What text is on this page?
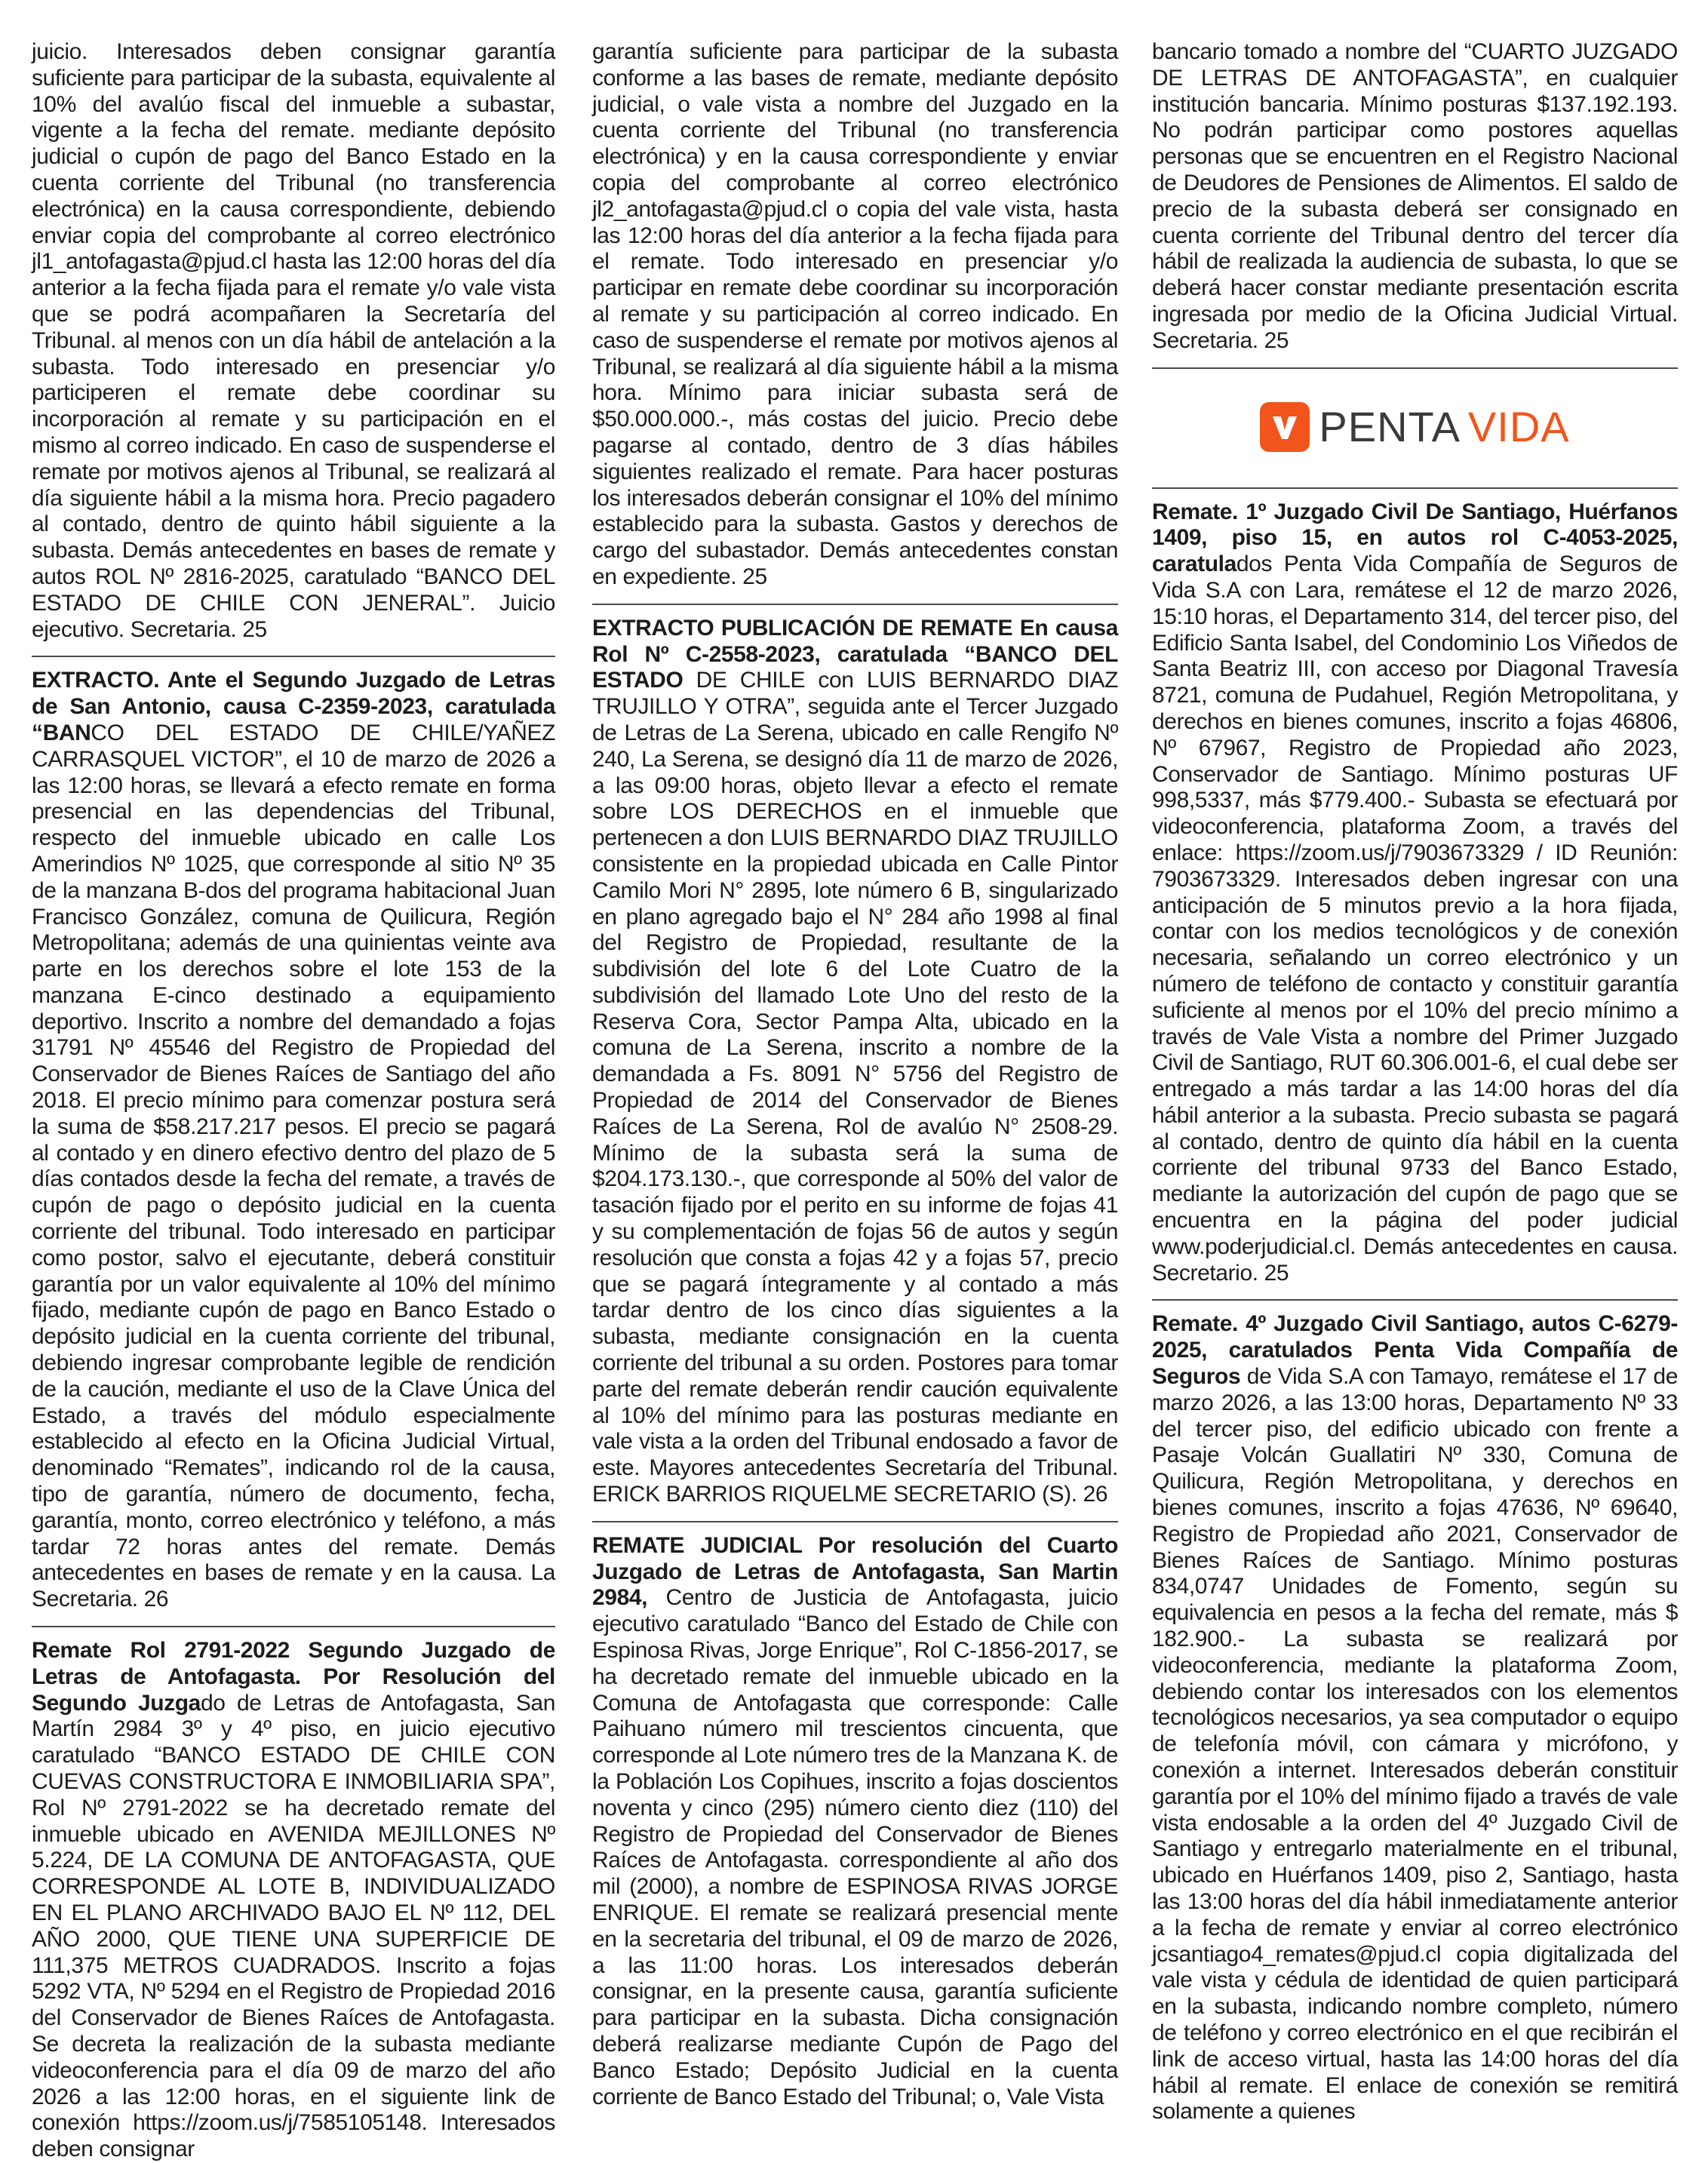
juicio. Interesados deben consignar garantía suficiente para participar de la subasta, equivalente al 10% del avalúo fiscal del inmueble a subastar, vigente a la fecha del remate. mediante depósito judicial o cupón de pago del Banco Estado en la cuenta corriente del Tribunal (no transferencia electrónica) en la causa correspondiente, debiendo enviar copia del comprobante al correo electrónico jl1_antofagasta@pjud.cl hasta las 12:00 horas del día anterior a la fecha fijada para el remate y/o vale vista que se podrá acompañaren la Secretaría del Tribunal. al menos con un día hábil de antelación a la subasta. Todo interesado en presenciar y/o participeren el remate debe coordinar su incorporación al remate y su participación en el mismo al correo indicado. En caso de suspenderse el remate por motivos ajenos al Tribunal, se realizará al día siguiente hábil a la misma hora. Precio pagadero al contado, dentro de quinto hábil siguiente a la subasta. Demás antecedentes en bases de remate y autos ROL Nº 2816-2025, caratulado “BANCO DEL ESTADO DE CHILE CON JENERAL”. Juicio ejecutivo. Secretaria. 25

EXTRACTO. Ante el Segundo Juzgado de Letras de San Antonio, causa C-2359-2023, caratulada “BANCO DEL ESTADO DE CHILE/YAÑEZ CARRASQUEL VICTOR”, el 10 de marzo de 2026 a las 12:00 horas, se llevará a efecto remate en forma presencial en las dependencias del Tribunal, respecto del inmueble ubicado en calle Los Amerindios Nº 1025, que corresponde al sitio Nº 35 de la manzana B-dos del programa habitacional Juan Francisco González, comuna de Quilicura, Región Metropolitana; además de una quinientas veinte ava parte en los derechos sobre el lote 153 de la manzana E-cinco destinado a equipamiento deportivo. Inscrito a nombre del demandado a fojas 31791 Nº 45546 del Registro de Propiedad del Conservador de Bienes Raíces de Santiago del año 2018. El precio mínimo para comenzar postura será la suma de $58.217.217 pesos. El precio se pagará al contado y en dinero efectivo dentro del plazo de 5 días contados desde la fecha del remate, a través de cupón de pago o depósito judicial en la cuenta corriente del tribunal. Todo interesado en participar como postor, salvo el ejecutante, deberá constituir garantía por un valor equivalente al 10% del mínimo fijado, mediante cupón de pago en Banco Estado o depósito judicial en la cuenta corriente del tribunal, debiendo ingresar comprobante legible de rendición de la caución, mediante el uso de la Clave Única del Estado, a través del módulo especialmente establecido al efecto en la Oficina Judicial Virtual, denominado “Remates”, indicando rol de la causa, tipo de garantía, número de documento, fecha, garantía, monto, correo electrónico y teléfono, a más tardar 72 horas antes del remate. Demás antecedentes en bases de remate y en la causa. La Secretaria. 26

Remate Rol 2791-2022 Segundo Juzgado de Letras de Antofagasta. Por Resolución del Segundo Juzgado de Letras de Antofagasta, San Martín 2984 3º y 4º piso, en juicio ejecutivo caratulado “BANCO ESTADO DE CHILE CON CUEVAS CONSTRUCTORA E INMOBILIARIA SPA”, Rol Nº 2791-2022 se ha decretado remate del inmueble ubicado en AVENIDA MEJILLONES Nº 5.224, DE LA COMUNA DE ANTOFAGASTA, QUE CORRESPONDE AL LOTE B, INDIVIDUALIZADO EN EL PLANO ARCHIVADO BAJO EL Nº 112, DEL AÑO 2000, QUE TIENE UNA SUPERFICIE DE 111,375 METROS CUADRADOS. Inscrito a fojas 5292 VTA, Nº 5294 en el Registro de Propiedad 2016 del Conservador de Bienes Raíces de Antofagasta. Se decreta la realización de la subasta mediante videoconferencia para el día 09 de marzo del año 2026 a las 12:00 horas, en el siguiente link de conexión https://zoom.us/j/7585105148. Interesados deben consignar

garantía suficiente para participar de la subasta conforme a las bases de remate, mediante depósito judicial, o vale vista a nombre del Juzgado en la cuenta corriente del Tribunal (no transferencia electrónica) y en la causa correspondiente y enviar copia del comprobante al correo electrónico jl2_antofagasta@pjud.cl o copia del vale vista, hasta las 12:00 horas del día anterior a la fecha fijada para el remate. Todo interesado en presenciar y/o participar en remate debe coordinar su incorporación al remate y su participación al correo indicado. En caso de suspenderse el remate por motivos ajenos al Tribunal, se realizará al día siguiente hábil a la misma hora. Mínimo para iniciar subasta será de $50.000.000.-, más costas del juicio. Precio debe pagarse al contado, dentro de 3 días hábiles siguientes realizado el remate. Para hacer posturas los interesados deberán consignar el 10% del mínimo establecido para la subasta. Gastos y derechos de cargo del subastador. Demás antecedentes constan en expediente. 25

EXTRACTO PUBLICACIÓN DE REMATE En causa Rol Nº C-2558-2023, caratulada “BANCO DEL ESTADO DE CHILE con LUIS BERNARDO DIAZ TRUJILLO Y OTRA”, seguida ante el Tercer Juzgado de Letras de La Serena, ubicado en calle Rengifo Nº 240, La Serena, se designó día 11 de marzo de 2026, a las 09:00 horas, objeto llevar a efecto el remate sobre LOS DERECHOS en el inmueble que pertenecen a don LUIS BERNARDO DIAZ TRUJILLO consistente en la propiedad ubicada en Calle Pintor Camilo Mori N° 2895, lote número 6 B, singularizado en plano agregado bajo el N° 284 año 1998 al final del Registro de Propiedad, resultante de la subdivisión del lote 6 del Lote Cuatro de la subdivisión del llamado Lote Uno del resto de la Reserva Cora, Sector Pampa Alta, ubicado en la comuna de La Serena, inscrito a nombre de la demandada a Fs. 8091 N° 5756 del Registro de Propiedad de 2014 del Conservador de Bienes Raíces de La Serena, Rol de avalúo N° 2508-29. Mínimo de la subasta será la suma de $204.173.130.-, que corresponde al 50% del valor de tasación fijado por el perito en su informe de fojas 41 y su complementación de fojas 56 de autos y según resolución que consta a fojas 42 y a fojas 57, precio que se pagará íntegramente y al contado a más tardar dentro de los cinco días siguientes a la subasta, mediante consignación en la cuenta corriente del tribunal a su orden. Postores para tomar parte del remate deberán rendir caución equivalente al 10% del mínimo para las posturas mediante en vale vista a la orden del Tribunal endosado a favor de este. Mayores antecedentes Secretaría del Tribunal. ERICK BARRIOS RIQUELME SECRETARIO (S). 26

REMATE JUDICIAL Por resolución del Cuarto Juzgado de Letras de Antofagasta, San Martin 2984, Centro de Justicia de Antofagasta, juicio ejecutivo caratulado “Banco del Estado de Chile con Espinosa Rivas, Jorge Enrique”, Rol C-1856-2017, se ha decretado remate del inmueble ubicado en la Comuna de Antofagasta que corresponde: Calle Paihuano número mil trescientos cincuenta, que corresponde al Lote número tres de la Manzana K. de la Población Los Copihues, inscrito a fojas doscientos noventa y cinco (295) número ciento diez (110) del Registro de Propiedad del Conservador de Bienes Raíces de Antofagasta. correspondiente al año dos mil (2000), a nombre de ESPINOSA RIVAS JORGE ENRIQUE. El remate se realizará presencial mente en la secretaria del tribunal, el 09 de marzo de 2026, a las 11:00 horas. Los interesados deberán consignar, en la presente causa, garantía suficiente para participar en la subasta. Dicha consignación deberá realizarse mediante Cupón de Pago del Banco Estado; Depósito Judicial en la cuenta corriente de Banco Estado del Tribunal; o, Vale Vista

bancario tomado a nombre del “CUARTO JUZGADO DE LETRAS DE ANTOFAGASTA”, en cualquier institución bancaria. Mínimo posturas $137.192.193. No podrán participar como postores aquellas personas que se encuentren en el Registro Nacional de Deudores de Pensiones de Alimentos. El saldo de precio de la subasta deberá ser consignado en cuenta corriente del Tribunal dentro del tercer día hábil de realizada la audiencia de subasta, lo que se deberá hacer constar mediante presentación escrita ingresada por medio de la Oficina Judicial Virtual. Secretaria. 25

PENTA VIDA

Remate. 1º Juzgado Civil De Santiago, Huérfanos 1409, piso 15, en autos rol C-4053-2025, caratulados Penta Vida Compañía de Seguros de Vida S.A con Lara, remátese el 12 de marzo 2026, 15:10 horas, el Departamento 314, del tercer piso, del Edificio Santa Isabel, del Condominio Los Viñedos de Santa Beatriz III, con acceso por Diagonal Travesía 8721, comuna de Pudahuel, Región Metropolitana, y derechos en bienes comunes, inscrito a fojas 46806, Nº 67967, Registro de Propiedad año 2023, Conservador de Santiago. Mínimo posturas UF 998,5337, más $779.400.- Subasta se efectuará por videoconferencia, plataforma Zoom, a través del enlace: https://zoom.us/j/7903673329 / ID Reunión: 7903673329. Interesados deben ingresar con una anticipación de 5 minutos previo a la hora fijada, contar con los medios tecnológicos y de conexión necesaria, señalando un correo electrónico y un número de teléfono de contacto y constituir garantía suficiente al menos por el 10% del precio mínimo a través de Vale Vista a nombre del Primer Juzgado Civil de Santiago, RUT 60.306.001-6, el cual debe ser entregado a más tardar a las 14:00 horas del día hábil anterior a la subasta. Precio subasta se pagará al contado, dentro de quinto día hábil en la cuenta corriente del tribunal 9733 del Banco Estado, mediante la autorización del cupón de pago que se encuentra en la página del poder judicial www.poderjudicial.cl. Demás antecedentes en causa. Secretario. 25

Remate. 4º Juzgado Civil Santiago, autos C-6279-2025, caratulados Penta Vida Compañía de Seguros de Vida S.A con Tamayo, remátese el 17 de marzo 2026, a las 13:00 horas, Departamento Nº 33 del tercer piso, del edificio ubicado con frente a Pasaje Volcán Guallatiri Nº 330, Comuna de Quilicura, Región Metropolitana, y derechos en bienes comunes, inscrito a fojas 47636, Nº 69640, Registro de Propiedad año 2021, Conservador de Bienes Raíces de Santiago. Mínimo posturas 834,0747 Unidades de Fomento, según su equivalencia en pesos a la fecha del remate, más $ 182.900.- La subasta se realizará por videoconferencia, mediante la plataforma Zoom, debiendo contar los interesados con los elementos tecnológicos necesarios, ya sea computador o equipo de telefonía móvil, con cámara y micrófono, y conexión a internet. Interesados deberán constituir garantía por el 10% del mínimo fijado a través de vale vista endosable a la orden del 4º Juzgado Civil de Santiago y entregarlo materialmente en el tribunal, ubicado en Huérfanos 1409, piso 2, Santiago, hasta las 13:00 horas del día hábil inmediatamente anterior a la fecha de remate y enviar al correo electrónico jcsantiago4_remates@pjud.cl copia digitalizada del vale vista y cédula de identidad de quien participará en la subasta, indicando nombre completo, número de teléfono y correo electrónico en el que recibirán el link de acceso virtual, hasta las 14:00 horas del día hábil al remate. El enlace de conexión se remitirá solamente a quienes
